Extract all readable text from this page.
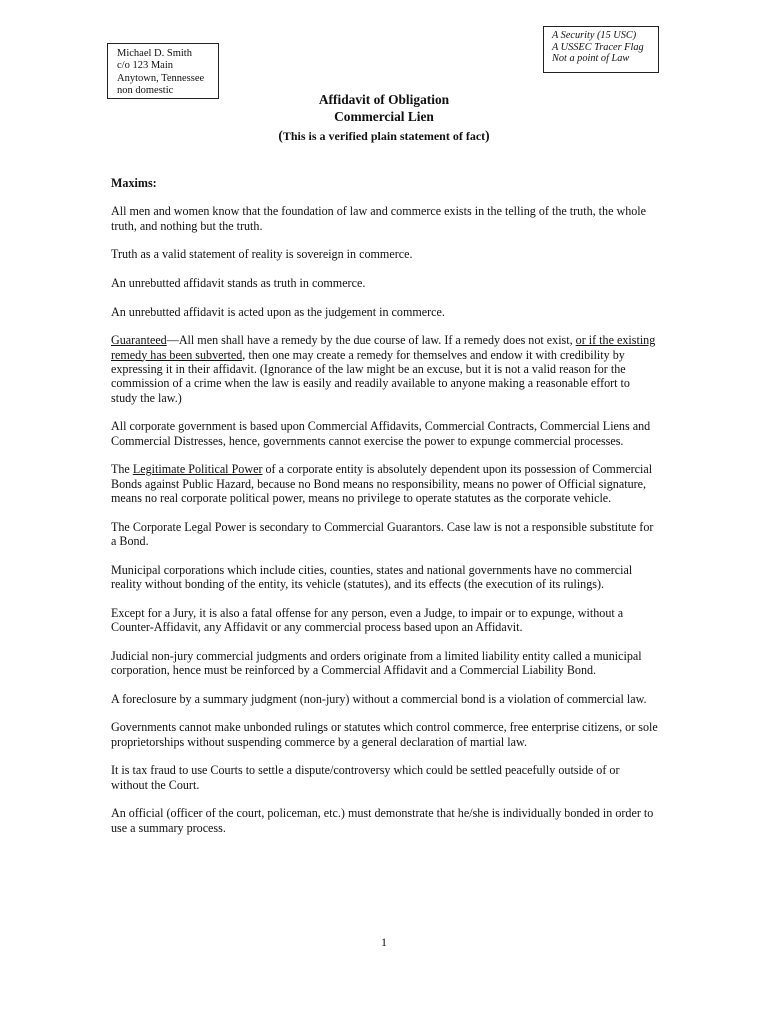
Michael D. Smith
c/o 123 Main
Anytown, Tennessee
non domestic
A Security (15 USC)
A USSEC Tracer Flag
Not a point of Law
Affidavit of Obligation
Commercial Lien
(This is a verified plain statement of fact)

Maxims:

All men and women know that the foundation of law and commerce exists in the telling of the truth, the whole truth, and nothing but the truth.

Truth as a valid statement of reality is sovereign in commerce.

An unrebutted affidavit stands as truth in commerce.

An unrebutted affidavit is acted upon as the judgement in commerce.

Guaranteed—All men shall have a remedy by the due course of law. If a remedy does not exist, or if the existing remedy has been subverted, then one may create a remedy for themselves and endow it with credibility by expressing it in their affidavit. (Ignorance of the law might be an excuse, but it is not a valid reason for the commission of a crime when the law is easily and readily available to anyone making a reasonable effort to study the law.)

All corporate government is based upon Commercial Affidavits, Commercial Contracts, Commercial Liens and Commercial Distresses, hence, governments cannot exercise the power to expunge commercial processes.

The Legitimate Political Power of a corporate entity is absolutely dependent upon its possession of Commercial Bonds against Public Hazard, because no Bond means no responsibility, means no power of Official signature, means no real corporate political power, means no privilege to operate statutes as the corporate vehicle.

The Corporate Legal Power is secondary to Commercial Guarantors. Case law is not a responsible substitute for a Bond.

Municipal corporations which include cities, counties, states and national governments have no commercial reality without bonding of the entity, its vehicle (statutes), and its effects (the execution of its rulings).

Except for a Jury, it is also a fatal offense for any person, even a Judge, to impair or to expunge, without a Counter-Affidavit, any Affidavit or any commercial process based upon an Affidavit.

Judicial non-jury commercial judgments and orders originate from a limited liability entity called a municipal corporation, hence must be reinforced by a Commercial Affidavit and a Commercial Liability Bond.

A foreclosure by a summary judgment (non-jury) without a commercial bond is a violation of commercial law.

Governments cannot make unbonded rulings or statutes which control commerce, free enterprise citizens, or sole proprietorships without suspending commerce by a general declaration of martial law.

It is tax fraud to use Courts to settle a dispute/controversy which could be settled peacefully outside of or without the Court.

An official (officer of the court, policeman, etc.) must demonstrate that he/she is individually bonded in order to use a summary process.

1
